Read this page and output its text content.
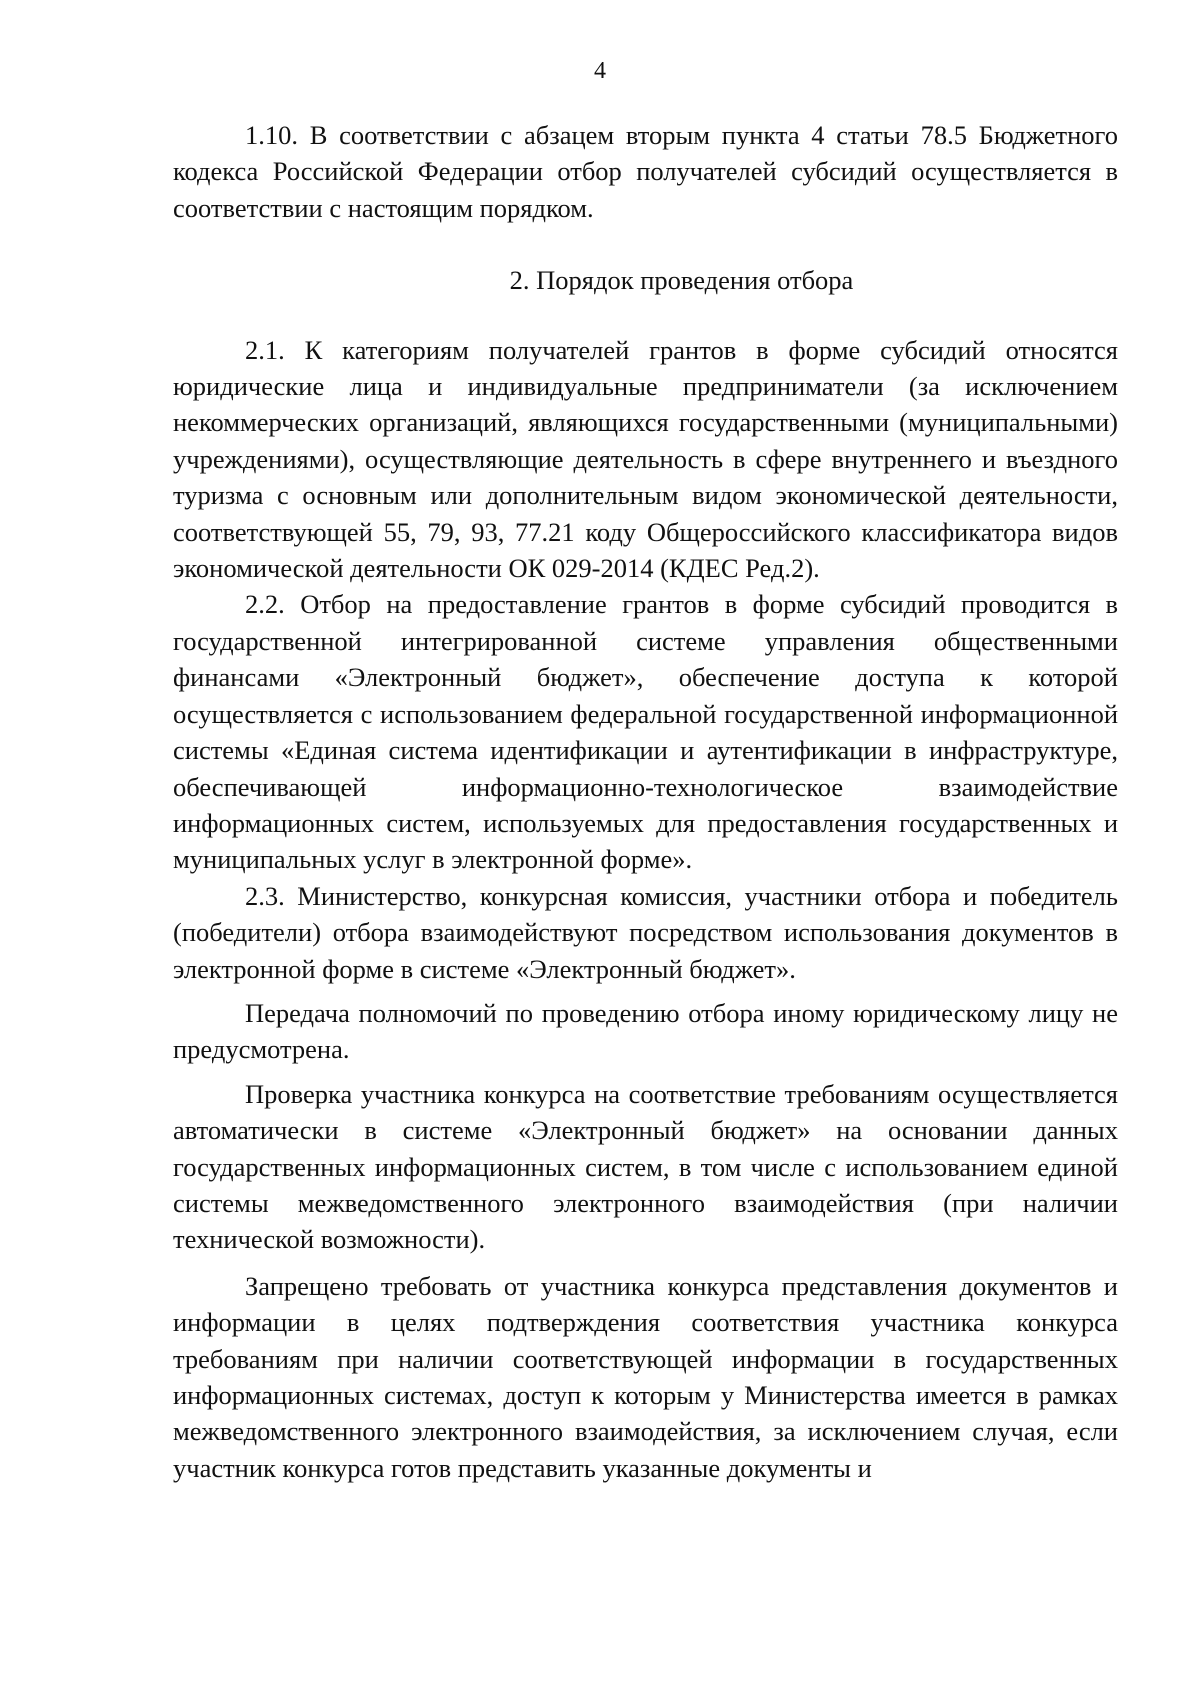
4

1.10. В соответствии с абзацем вторым пункта 4 статьи 78.5 Бюджетного кодекса Российской Федерации отбор получателей субсидий осуществляется в соответствии с настоящим порядком.

2. Порядок проведения отбора

2.1. К категориям получателей грантов в форме субсидий относятся юридические лица и индивидуальные предприниматели (за исключением некоммерческих организаций, являющихся государственными (муниципальными) учреждениями), осуществляющие деятельность в сфере внутреннего и въездного туризма с основным или дополнительным видом экономической деятельности, соответствующей 55, 79, 93, 77.21 коду Общероссийского классификатора видов экономической деятельности ОК 029-2014 (КДЕС Ред.2).

2.2. Отбор на предоставление грантов в форме субсидий проводится в государственной интегрированной системе управления общественными финансами «Электронный бюджет», обеспечение доступа к которой осуществляется с использованием федеральной государственной информационной системы «Единая система идентификации и аутентификации в инфраструктуре, обеспечивающей информационно-технологическое взаимодействие информационных систем, используемых для предоставления государственных и муниципальных услуг в электронной форме».

2.3. Министерство, конкурсная комиссия, участники отбора и победитель (победители) отбора взаимодействуют посредством использования документов в электронной форме в системе «Электронный бюджет».

Передача полномочий по проведению отбора иному юридическому лицу не предусмотрена.

Проверка участника конкурса на соответствие требованиям осуществляется автоматически в системе «Электронный бюджет» на основании данных государственных информационных систем, в том числе с использованием единой системы межведомственного электронного взаимодействия (при наличии технической возможности).

Запрещено требовать от участника конкурса представления документов и информации в целях подтверждения соответствия участника конкурса требованиям при наличии соответствующей информации в государственных информационных системах, доступ к которым у Министерства имеется в рамках межведомственного электронного взаимодействия, за исключением случая, если участник конкурса готов представить указанные документы и
